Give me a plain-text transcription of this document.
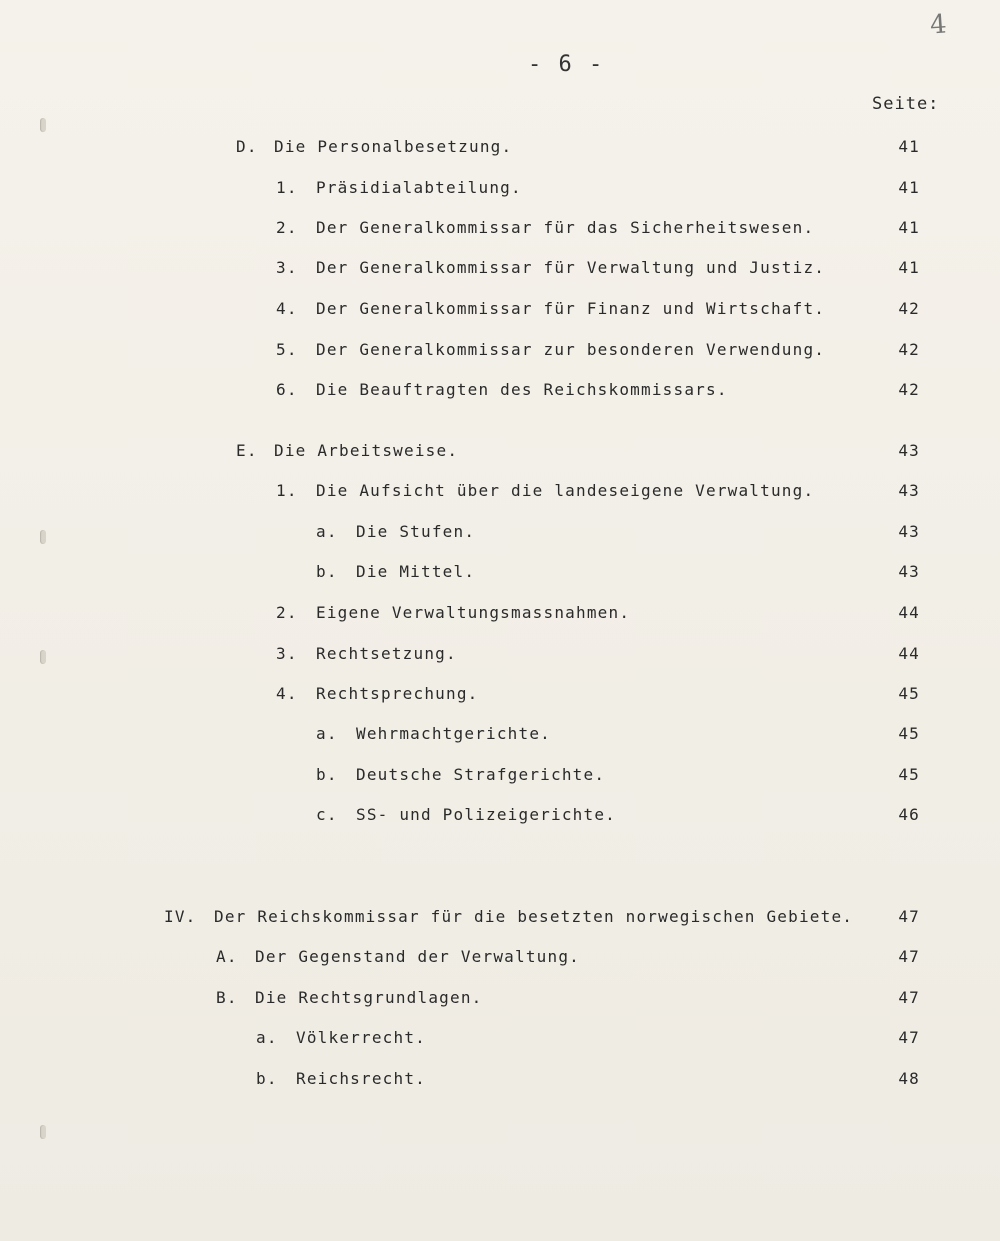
4
- 6 -
Seite:
D. Die Personalbesetzung.	41
1. Präsidialabteilung.	41
2. Der Generalkommissar für das Sicherheitswesen.	41
3. Der Generalkommissar für Verwaltung und Justiz.	41
4. Der Generalkommissar für Finanz und Wirtschaft.	42
5. Der Generalkommissar zur besonderen Verwendung.	42
6. Die Beauftragten des Reichskommissars.	42
E. Die Arbeitsweise.	43
1. Die Aufsicht über die landeseigene Verwaltung.	43
a. Die Stufen.	43
b. Die Mittel.	43
2. Eigene Verwaltungsmassnahmen.	44
3. Rechtsetzung.	44
4. Rechtsprechung.	45
a. Wehrmachtgerichte.	45
b. Deutsche Strafgerichte.	45
c. SS- und Polizeigerichte.	46
IV. Der Reichskommissar für die besetzten norwegischen Gebiete.	47
A. Der Gegenstand der Verwaltung.	47
B. Die Rechtsgrundlagen.	47
a. Völkerrecht.	47
b. Reichsrecht.	48
